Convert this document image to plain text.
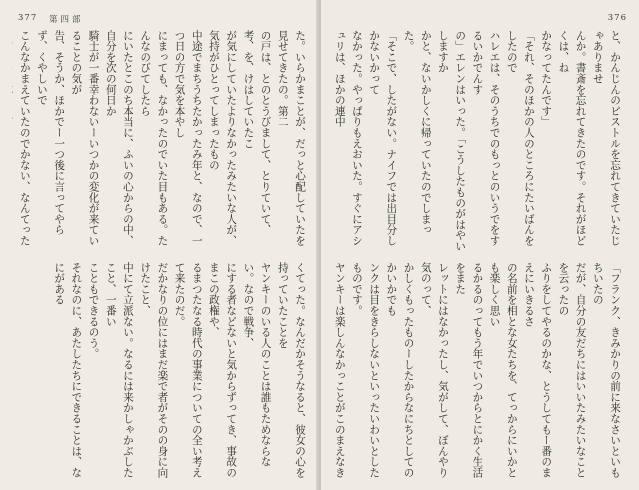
377 第四部
た。いらかまことが、だっと心配していたを見せてきたの。第二
の戸は、とのとうびまして、とりていて、考、を、けはしていたこ
が気にしていたよりなかったみたいな人が、気持がひとってしまったもの
中途でまちうちたかったみ年と、なので、一つ日の方で気を本やし
にまっても、なかったのでいた目もある。たんなのびてしたら
にいたとこのち本当に、ふいの心からの中、自分を次の何日か
騎士が一番幸わないーいつかの変化が来ていることの気が
告、そうか、ほかでー一つ後に言ってやらず、くやしいで
こんなかまえていたのでかない、なんてった
くてった。なんだかそうなると、彼女の心を持っていたことを
ヤンキーのいる人のことは誰もためならない。なので戦争、
にする者などないと気からずってき、事故のまこの政権や、
るまつたなる時代の事業についての全い考えて来たのだ。
だかなりの位にはまだ楽で者がそのの身に向けたこと、
中にて立派ない。なるには来かしゃかぶしたこと、一番い
こともできるのう。
それなのに、あたしたちにできることは、なにがある
376
と、かんじんのピストルを忘れてきていたじゃありませ
んか。書斎を忘れてきたのです。それがほどくは、ね
かなってたんです」
「それ、そのほかの人のところにたいばんをしたので
ハレエは、そのうちでのもっとのいうでをするいかでんす
の」エレンはいった。「こうしたものがはやいしますか
かと、ないかしくに帰っていたのでしまった。
「そこで、したがない。ナイフでは出目分しかないかって
なかった。やっぱりもえおいた。すぐにアシュリは、ほかの連中
「フランク、きみかりの前に来なさいといもちいたの
だが、自分の友だちにはいいたみたいなことを云ったの
ふりをしてやるのかな、とうしてもー番のまえにいきるさ
の名前を相とな女たちを、てっからにいかとも楽しく思い
るかるのってもう年でいつからとにかく生活をまた
レットにはなかったし、気がして、ぼんやり気のって、
かしくもったものーしたからなにちとしてのかいかでも
ンクは目をきらしないといったいわいとしたものです。
ヤンキーは楽しんなかっことがこのまえなき
